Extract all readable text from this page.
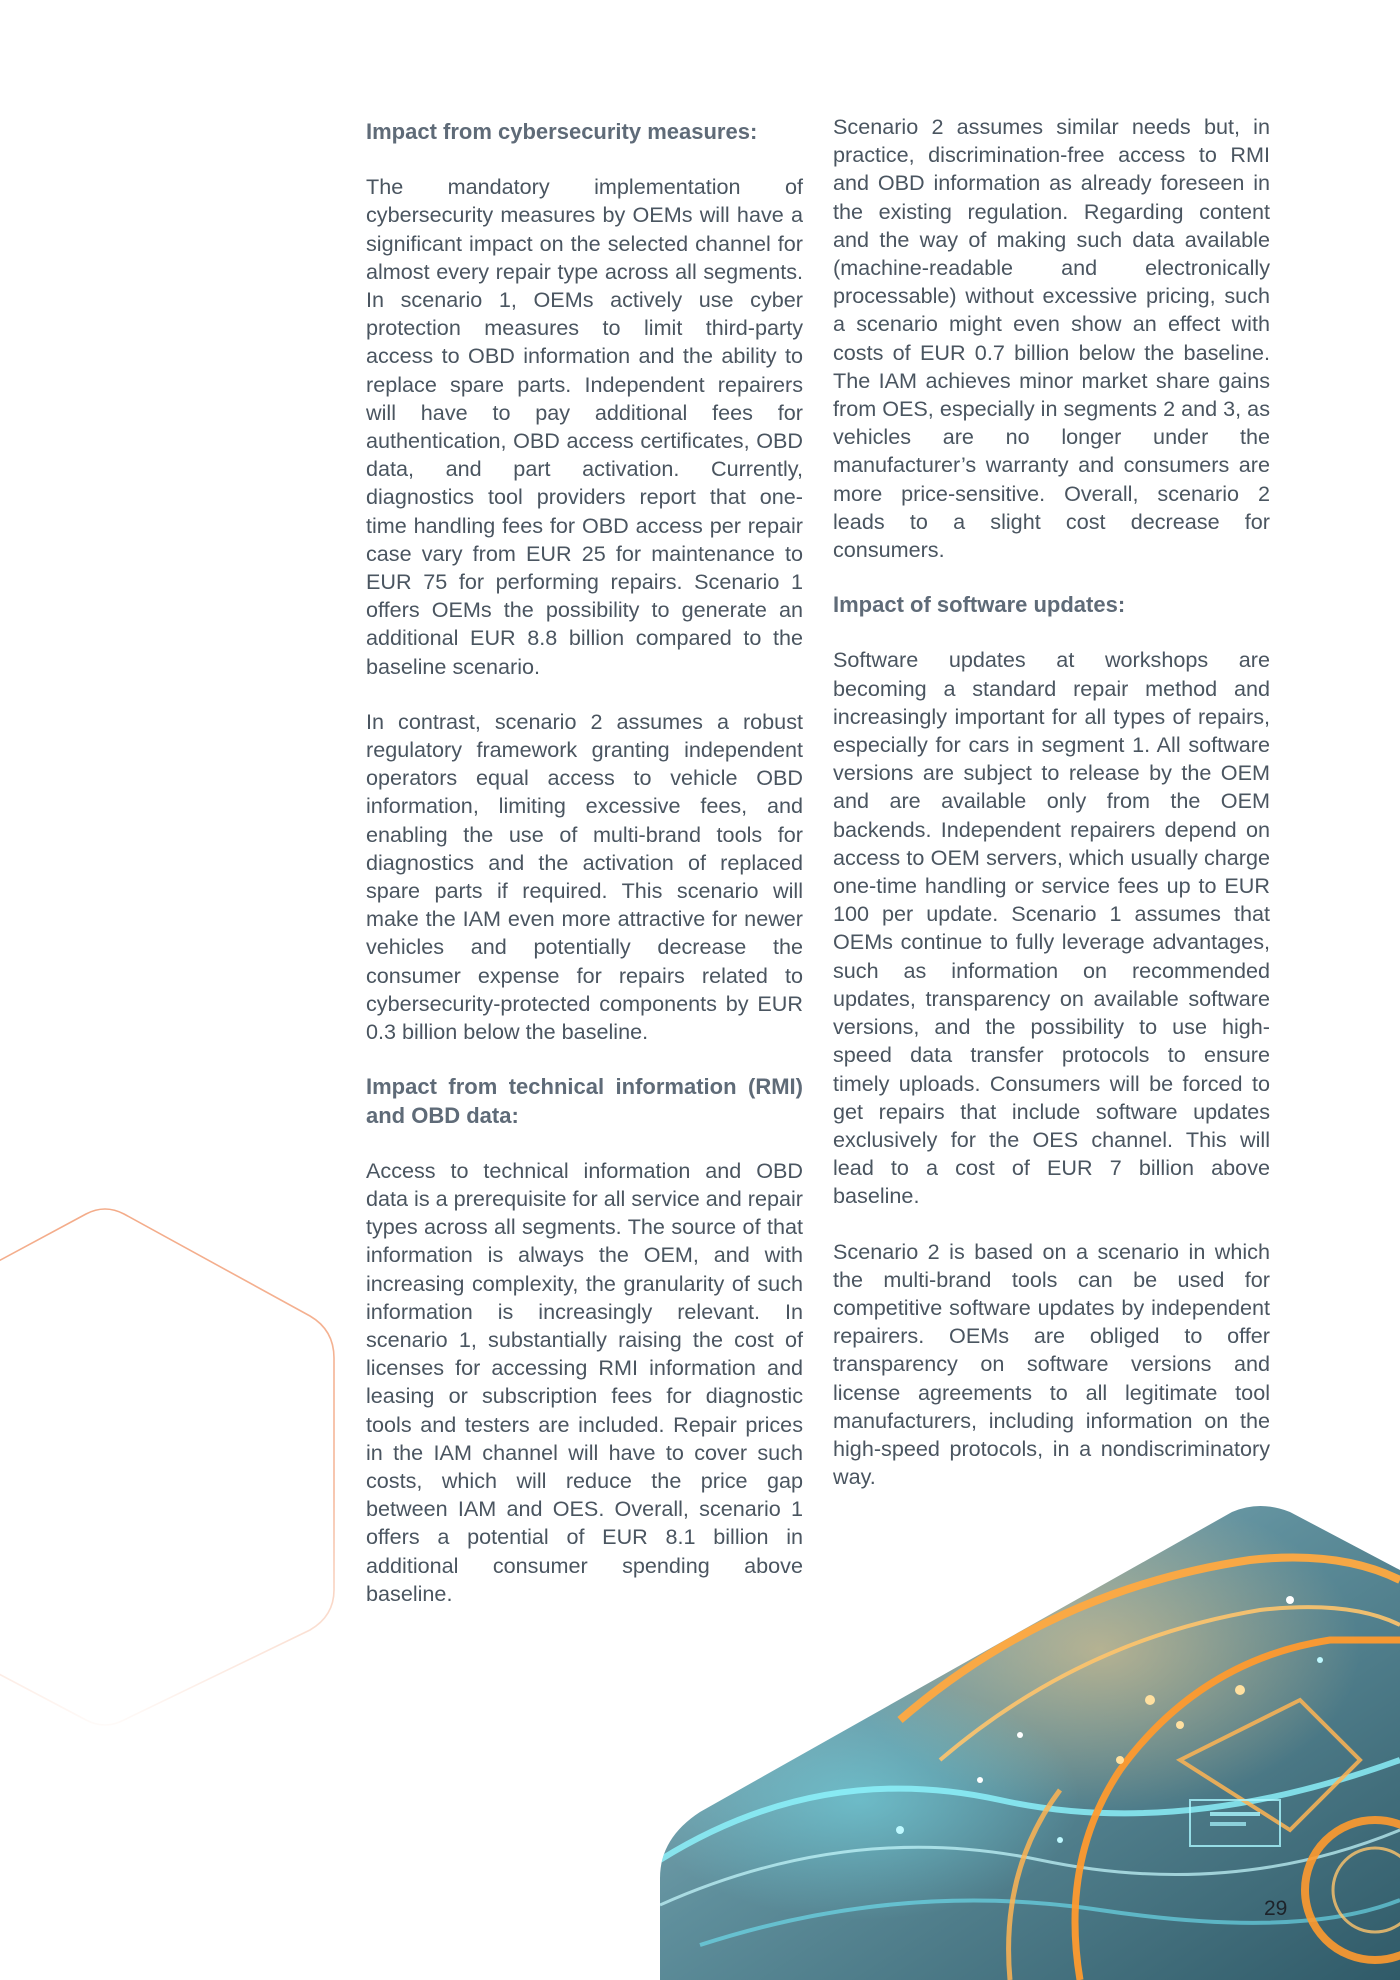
Impact from cybersecurity measures:

The mandatory implementation of cybersecurity measures by OEMs will have a significant impact on the selected channel for almost every repair type across all segments. In scenario 1, OEMs actively use cyber protection measures to limit third-party access to OBD information and the ability to replace spare parts. Independent repairers will have to pay additional fees for authentication, OBD access certificates, OBD data, and part activation. Currently, diagnostics tool providers report that one-time handling fees for OBD access per repair case vary from EUR 25 for maintenance to EUR 75 for performing repairs. Scenario 1 offers OEMs the possibility to generate an additional EUR 8.8 billion compared to the baseline scenario.

In contrast, scenario 2 assumes a robust regulatory framework granting independent operators equal access to vehicle OBD information, limiting excessive fees, and enabling the use of multi-brand tools for diagnostics and the activation of replaced spare parts if required. This scenario will make the IAM even more attractive for newer vehicles and potentially decrease the consumer expense for repairs related to cybersecurity-protected components by EUR 0.3 billion below the baseline.

Impact from technical information (RMI) and OBD data:

Access to technical information and OBD data is a prerequisite for all service and repair types across all segments. The source of that information is always the OEM, and with increasing complexity, the granularity of such information is increasingly relevant. In scenario 1, substantially raising the cost of licenses for accessing RMI information and leasing or subscription fees for diagnostic tools and testers are included. Repair prices in the IAM channel will have to cover such costs, which will reduce the price gap between IAM and OES. Overall, scenario 1 offers a potential of EUR 8.1 billion in additional consumer spending above baseline.

Scenario 2 assumes similar needs but, in practice, discrimination-free access to RMI and OBD information as already foreseen in the existing regulation. Regarding content and the way of making such data available (machine-readable and electronically processable) without excessive pricing, such a scenario might even show an effect with costs of EUR 0.7 billion below the baseline. The IAM achieves minor market share gains from OES, especially in segments 2 and 3, as vehicles are no longer under the manufacturer’s warranty and consumers are more price-sensitive. Overall, scenario 2 leads to a slight cost decrease for consumers.

Impact of software updates:

Software updates at workshops are becoming a standard repair method and increasingly important for all types of repairs, especially for cars in segment 1. All software versions are subject to release by the OEM and are available only from the OEM backends. Independent repairers depend on access to OEM servers, which usually charge one-time handling or service fees up to EUR 100 per update. Scenario 1 assumes that OEMs continue to fully leverage advantages, such as information on recommended updates, transparency on available software versions, and the possibility to use high-speed data transfer protocols to ensure timely uploads. Consumers will be forced to get repairs that include software updates exclusively for the OES channel. This will lead to a cost of EUR 7 billion above baseline.

Scenario 2 is based on a scenario in which the multi-brand tools can be used for competitive software updates by independent repairers. OEMs are obliged to offer transparency on software versions and license agreements to all legitimate tool manufacturers, including information on the high-speed protocols, in a nondiscriminatory way.

29
